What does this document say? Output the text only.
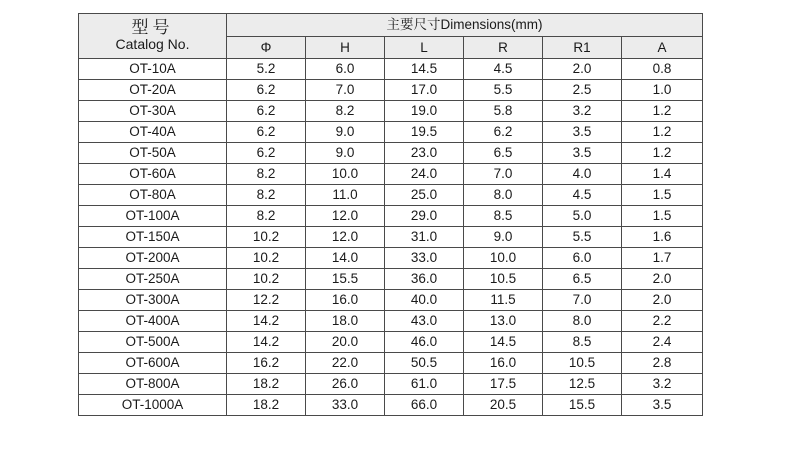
型号
Catalog No.	主要尺寸Dimensions(mm)					
	Φ	H	L	R	R1	A
OT-10A	5.2	6.0	14.5	4.5	2.0	0.8
OT-20A	6.2	7.0	17.0	5.5	2.5	1.0
OT-30A	6.2	8.2	19.0	5.8	3.2	1.2
OT-40A	6.2	9.0	19.5	6.2	3.5	1.2
OT-50A	6.2	9.0	23.0	6.5	3.5	1.2
OT-60A	8.2	10.0	24.0	7.0	4.0	1.4
OT-80A	8.2	11.0	25.0	8.0	4.5	1.5
OT-100A	8.2	12.0	29.0	8.5	5.0	1.5
OT-150A	10.2	12.0	31.0	9.0	5.5	1.6
OT-200A	10.2	14.0	33.0	10.0	6.0	1.7
OT-250A	10.2	15.5	36.0	10.5	6.5	2.0
OT-300A	12.2	16.0	40.0	11.5	7.0	2.0
OT-400A	14.2	18.0	43.0	13.0	8.0	2.2
OT-500A	14.2	20.0	46.0	14.5	8.5	2.4
OT-600A	16.2	22.0	50.5	16.0	10.5	2.8
OT-800A	18.2	26.0	61.0	17.5	12.5	3.2
OT-1000A	18.2	33.0	66.0	20.5	15.5	3.5
